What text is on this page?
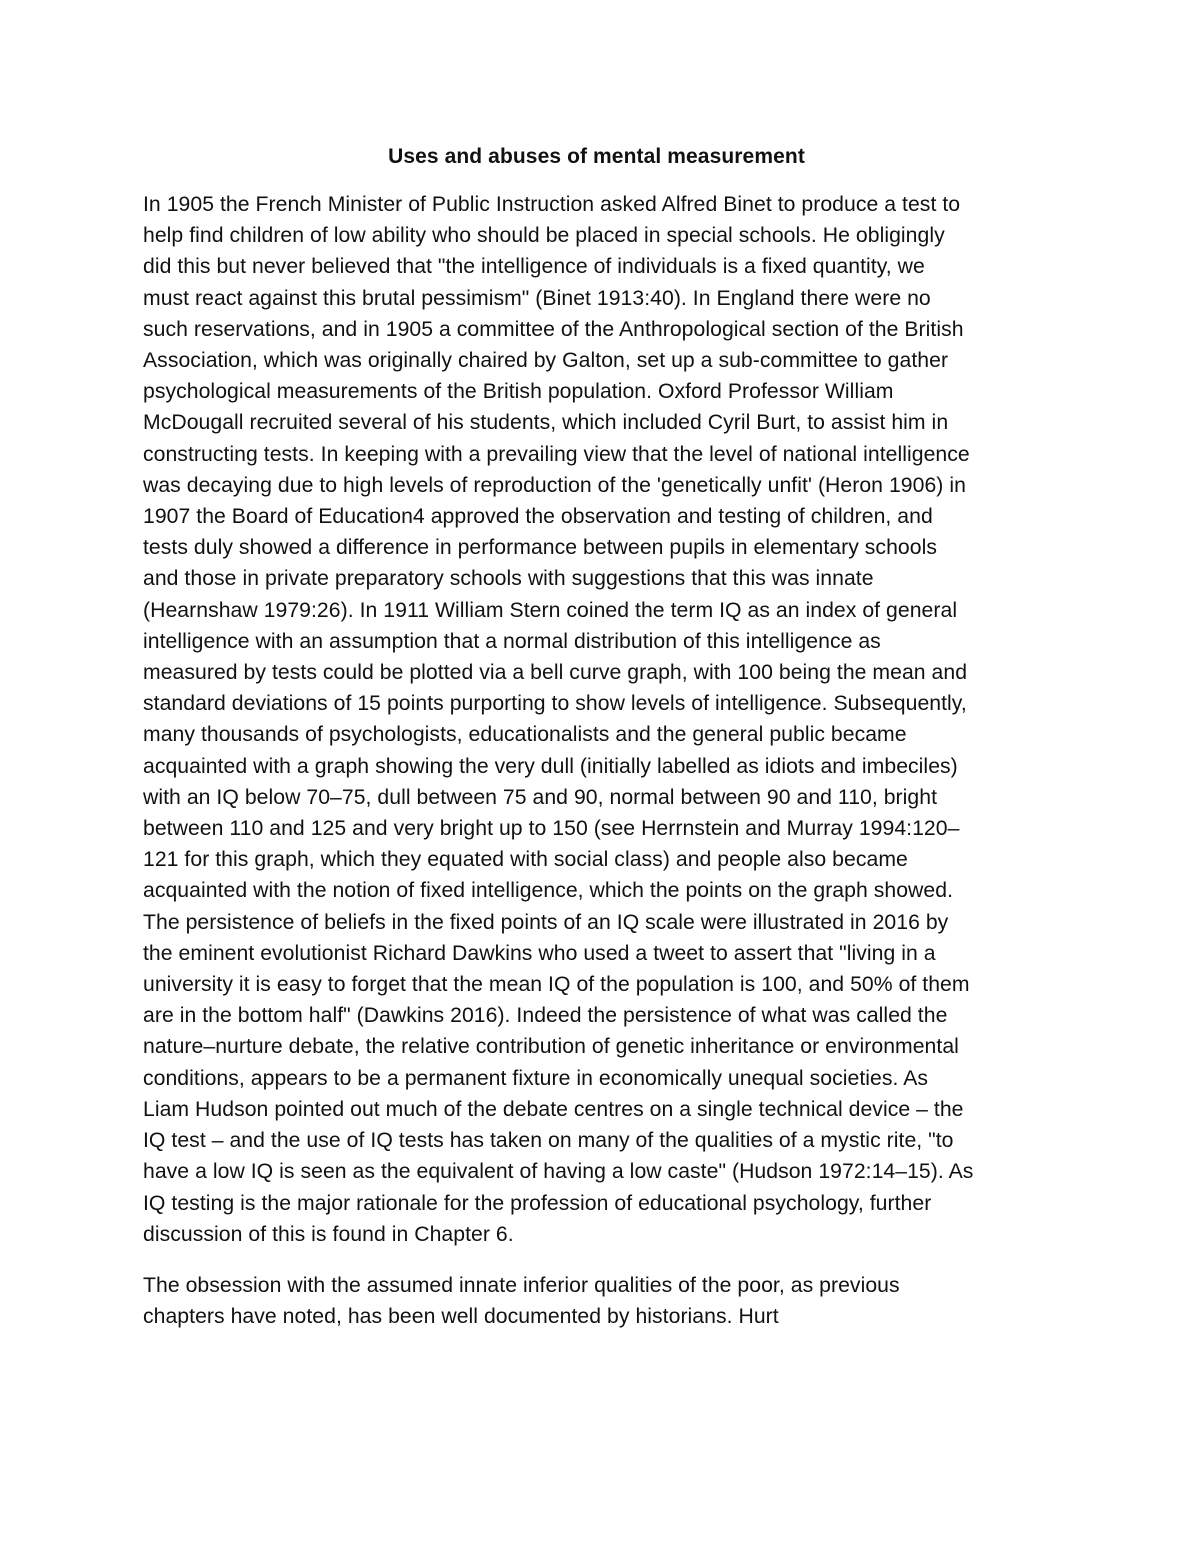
Uses and abuses of mental measurement

In 1905 the French Minister of Public Instruction asked Alfred Binet to produce a test to
help find children of low ability who should be placed in special schools. He obligingly
did this but never believed that "the intelligence of individuals is a fixed quantity, we
must react against this brutal pessimism" (Binet 1913:40). In England there were no
such reservations, and in 1905 a committee of the Anthropological section of the British
Association, which was originally chaired by Galton, set up a sub-committee to gather
psychological measurements of the British population. Oxford Professor William
McDougall recruited several of his students, which included Cyril Burt, to assist him in
constructing tests. In keeping with a prevailing view that the level of national intelligence
was decaying due to high levels of reproduction of the 'genetically unfit' (Heron 1906) in
1907 the Board of Education4 approved the observation and testing of children, and
tests duly showed a difference in performance between pupils in elementary schools
and those in private preparatory schools with suggestions that this was innate
(Hearnshaw 1979:26). In 1911 William Stern coined the term IQ as an index of general
intelligence with an assumption that a normal distribution of this intelligence as
measured by tests could be plotted via a bell curve graph, with 100 being the mean and
standard deviations of 15 points purporting to show levels of intelligence. Subsequently,
many thousands of psychologists, educationalists and the general public became
acquainted with a graph showing the very dull (initially labelled as idiots and imbeciles)
with an IQ below 70–75, dull between 75 and 90, normal between 90 and 110, bright
between 110 and 125 and very bright up to 150 (see Herrnstein and Murray 1994:120–
121 for this graph, which they equated with social class) and people also became
acquainted with the notion of fixed intelligence, which the points on the graph showed.
The persistence of beliefs in the fixed points of an IQ scale were illustrated in 2016 by
the eminent evolutionist Richard Dawkins who used a tweet to assert that "living in a
university it is easy to forget that the mean IQ of the population is 100, and 50% of them
are in the bottom half" (Dawkins 2016). Indeed the persistence of what was called the
nature–nurture debate, the relative contribution of genetic inheritance or environmental
conditions, appears to be a permanent fixture in economically unequal societies. As
Liam Hudson pointed out much of the debate centres on a single technical device – the
IQ test – and the use of IQ tests has taken on many of the qualities of a mystic rite, "to
have a low IQ is seen as the equivalent of having a low caste" (Hudson 1972:14–15). As
IQ testing is the major rationale for the profession of educational psychology, further
discussion of this is found in Chapter 6.

The obsession with the assumed innate inferior qualities of the poor, as previous
chapters have noted, has been well documented by historians. Hurt
